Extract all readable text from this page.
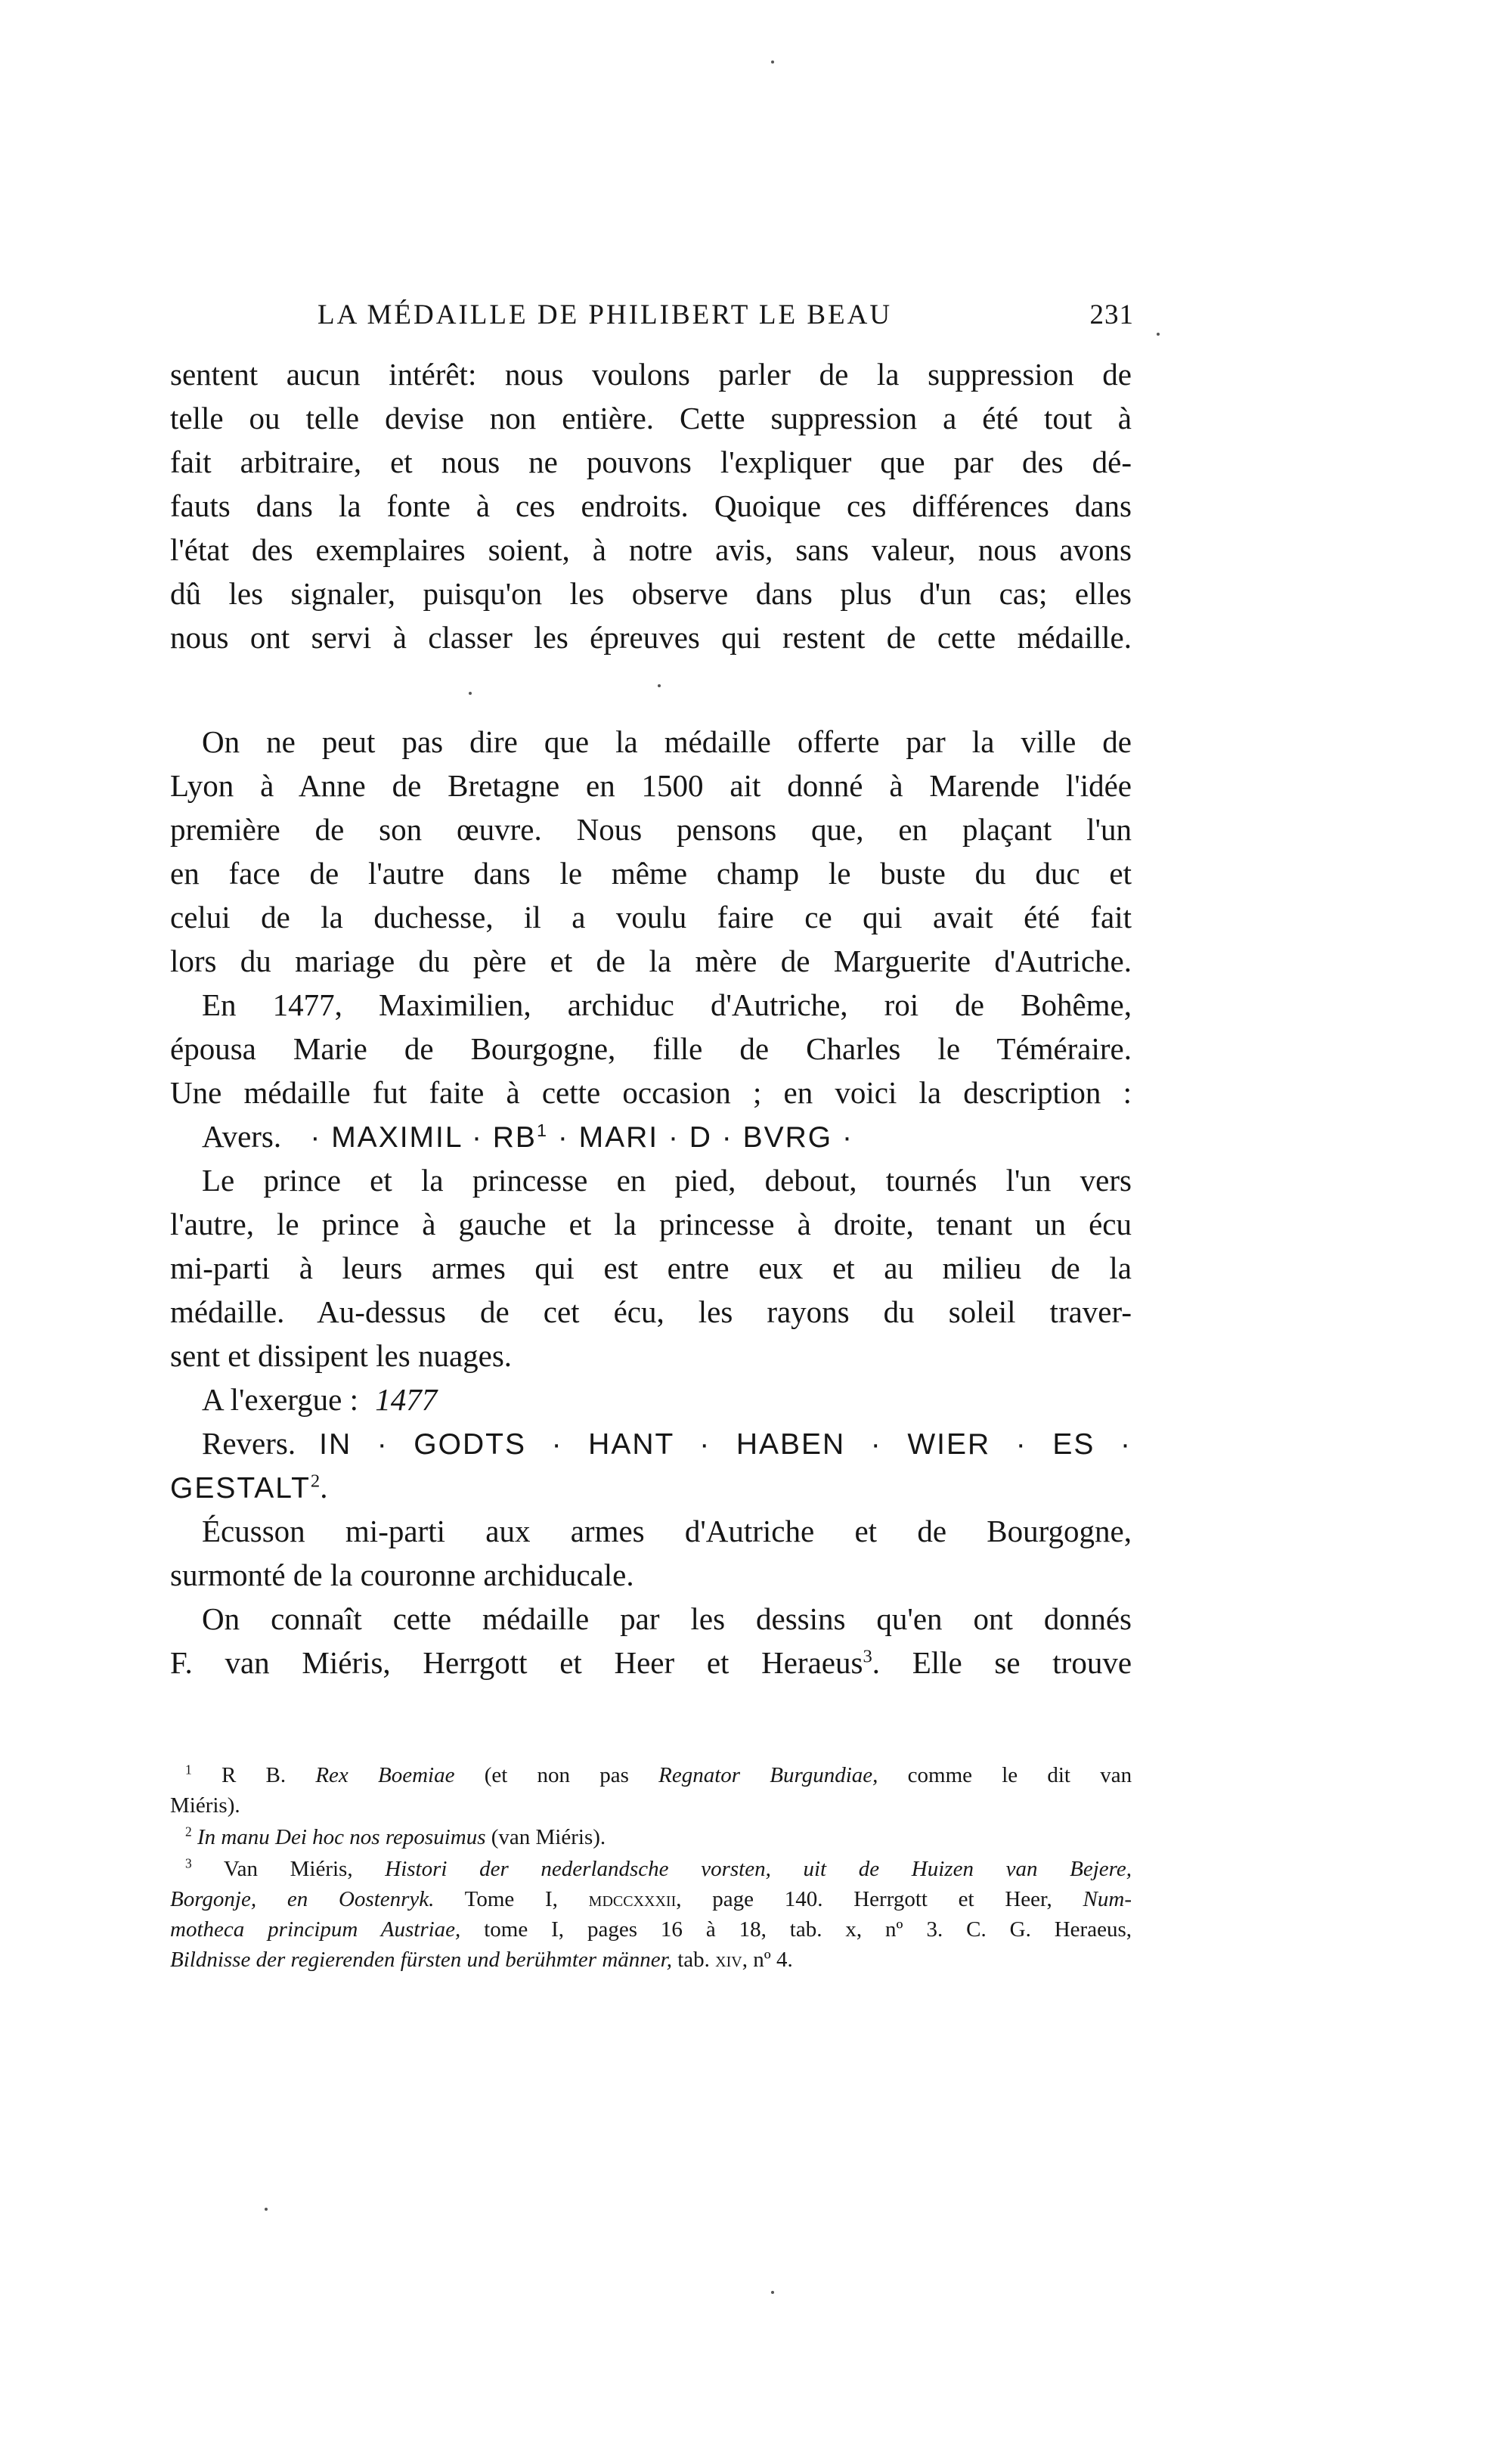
LA MÉDAILLE DE PHILIBERT LE BEAU	231
sentent aucun intérêt: nous voulons parler de la suppression de
telle ou telle devise non entière. Cette suppression a été tout à
fait arbitraire, et nous ne pouvons l'expliquer que par des dé-
fauts dans la fonte à ces endroits. Quoique ces différences dans
l'état des exemplaires soient, à notre avis, sans valeur, nous avons
dû les signaler, puisqu'on les observe dans plus d'un cas; elles
nous ont servi à classer les épreuves qui restent de cette médaille.
On ne peut pas dire que la médaille offerte par la ville de
Lyon à Anne de Bretagne en 1500 ait donné à Marende l'idée
première de son œuvre. Nous pensons que, en plaçant l'un
en face de l'autre dans le même champ le buste du duc et
celui de la duchesse, il a voulu faire ce qui avait été fait
lors du mariage du père et de la mère de Marguerite d'Autriche.
En 1477, Maximilien, archiduc d'Autriche, roi de Bohême,
épousa Marie de Bourgogne, fille de Charles le Téméraire.
Une médaille fut faite à cette occasion ; en voici la description :
Avers. · MAXIMIL · $RB^1$ · MARI · D · BVRG ·
Le prince et la princesse en pied, debout, tournés l'un vers
l'autre, le prince à gauche et la princesse à droite, tenant un écu
mi-parti à leurs armes qui est entre eux et au milieu de la
médaille. Au-dessus de cet écu, les rayons du soleil traver-
sent et dissipent les nuages.
A l'exergue : 1477
Revers. IN · GODTS · HANT · HABEN · WIER · ES ·
$GESTALT^2$.
Écusson mi-parti aux armes d'Autriche et de Bourgogne,
surmonté de la couronne archiducale.
On connaît cette médaille par les dessins qu'en ont donnés
F. van Miéris, Herrgott et Heer et Heraeus$^3$. Elle se trouve
$^1$ R B. Rex Boemiae (et non pas Regnator Burgundiae, comme le dit van
Miéris).
$^2$ In manu Dei hoc nos reposuimus (van Miéris).
$^3$ Van Miéris, Histori der nederlandsche vorsten, uit de Huizen van Bejere,
Borgonje, en Oostenryk. Tome I, mdccxxxii, page 140. Herrgott et Heer, Num-
motheca principum Austriae, tome I, pages 16 à 18, tab. x, nº 3. C. G. Heraeus,
Bildnisse der regierenden fürsten und berühmter männer, tab. xiv, nº 4.
